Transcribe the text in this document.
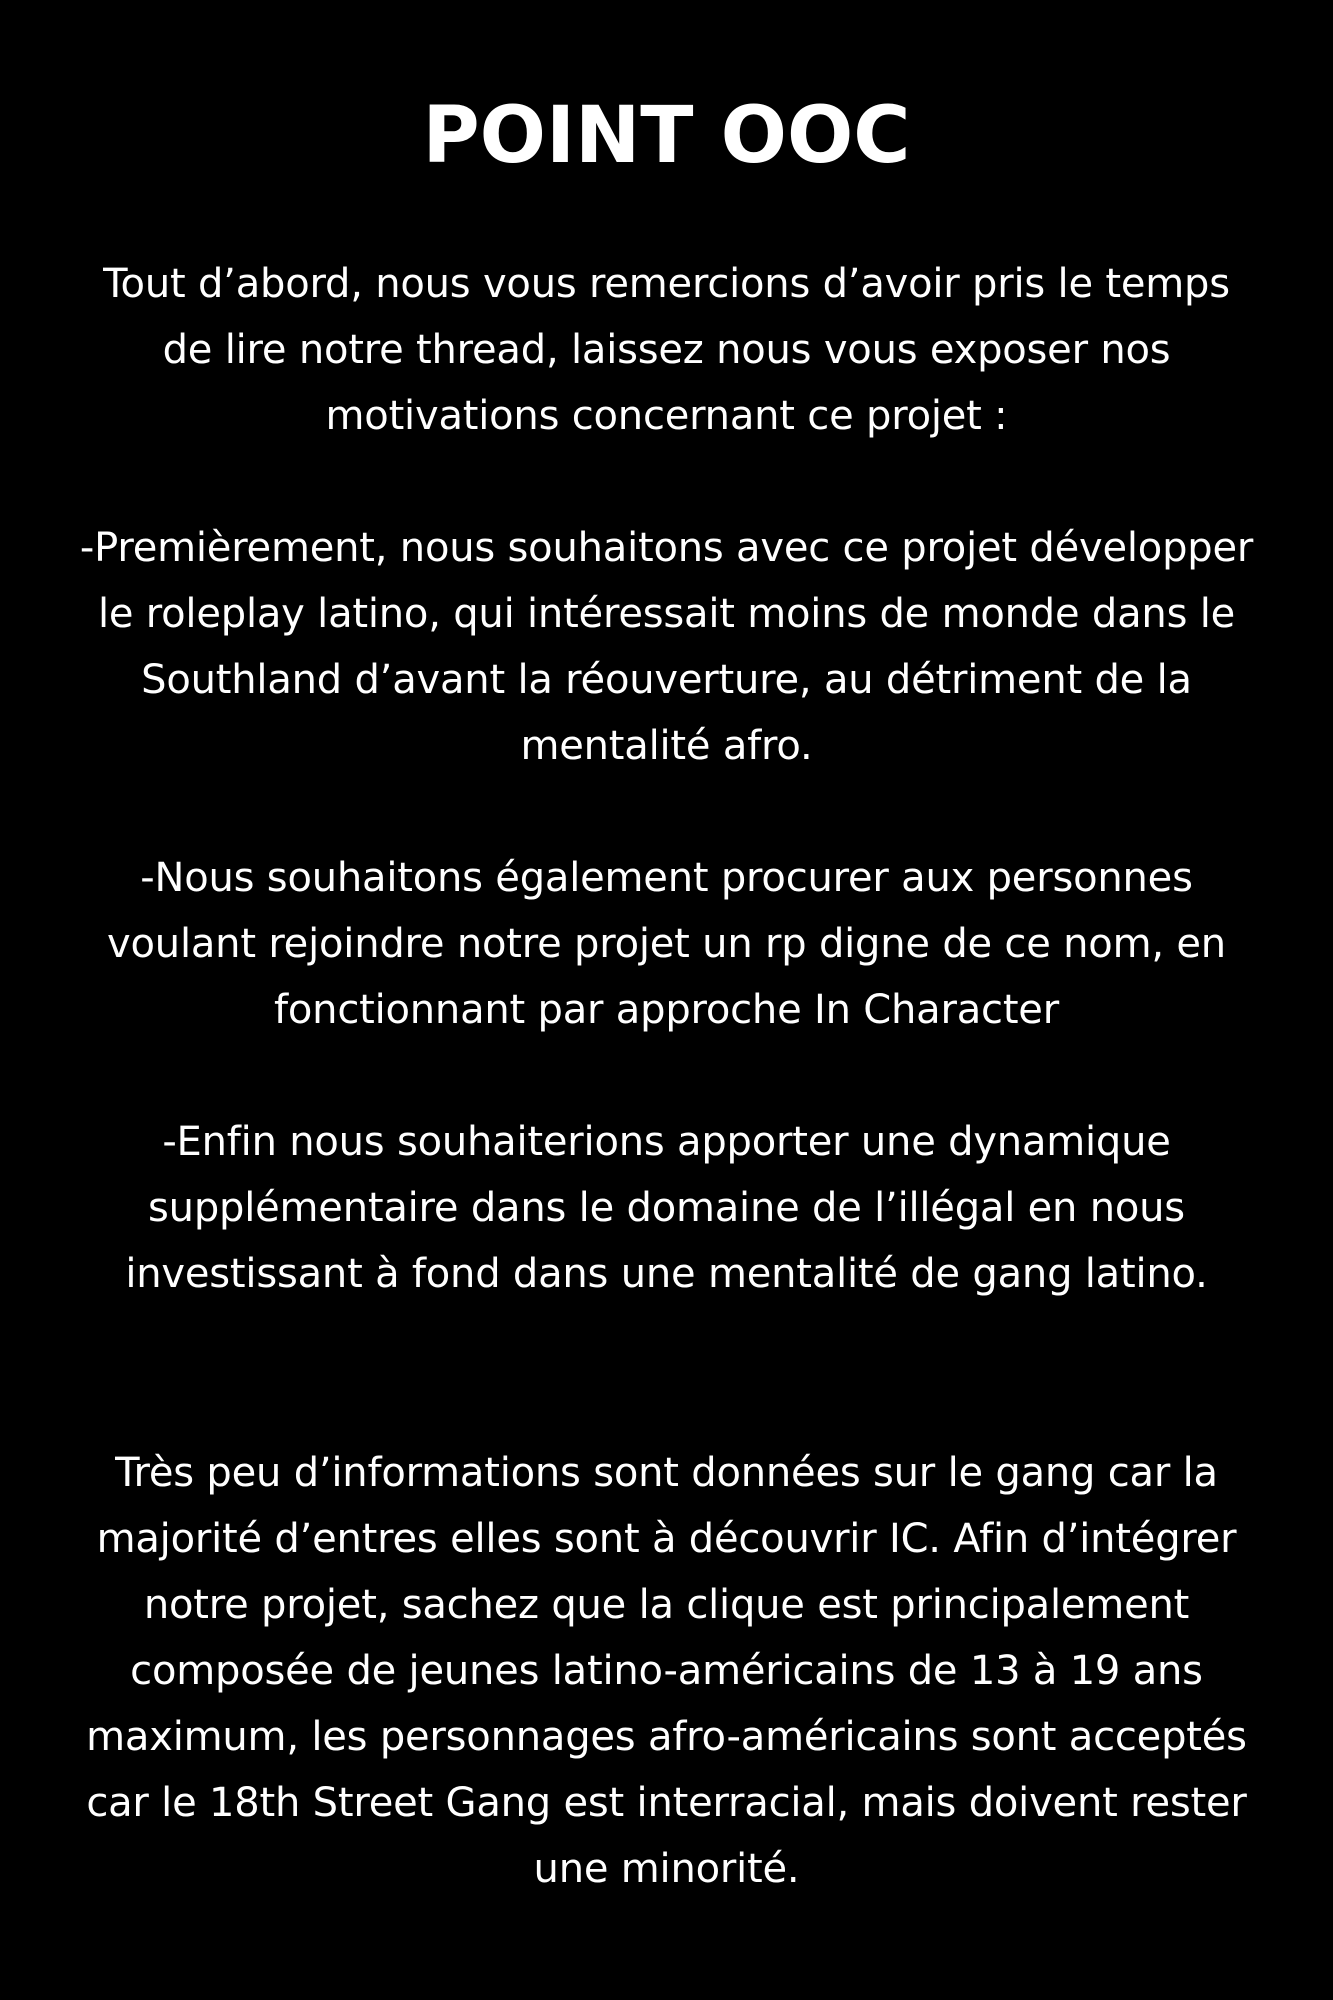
POINT OOC

Tout d’abord, nous vous remercions d’avoir pris le temps
de lire notre thread, laissez nous vous exposer nos
motivations concernant ce projet :

-Premièrement, nous souhaitons avec ce projet développer
le roleplay latino, qui intéressait moins de monde dans le
Southland d’avant la réouverture, au détriment de la
mentalité afro.

-Nous souhaitons également procurer aux personnes
voulant rejoindre notre projet un rp digne de ce nom, en
fonctionnant par approche In Character

-Enfin nous souhaiterions apporter une dynamique
supplémentaire dans le domaine de l’illégal en nous
investissant à fond dans une mentalité de gang latino.

Très peu d’informations sont données sur le gang car la
majorité d’entres elles sont à découvrir IC. Afin d’intégrer
notre projet, sachez que la clique est principalement
composée de jeunes latino-américains de 13 à 19 ans
maximum, les personnages afro-américains sont acceptés
car le 18th Street Gang est interracial, mais doivent rester
une minorité.
